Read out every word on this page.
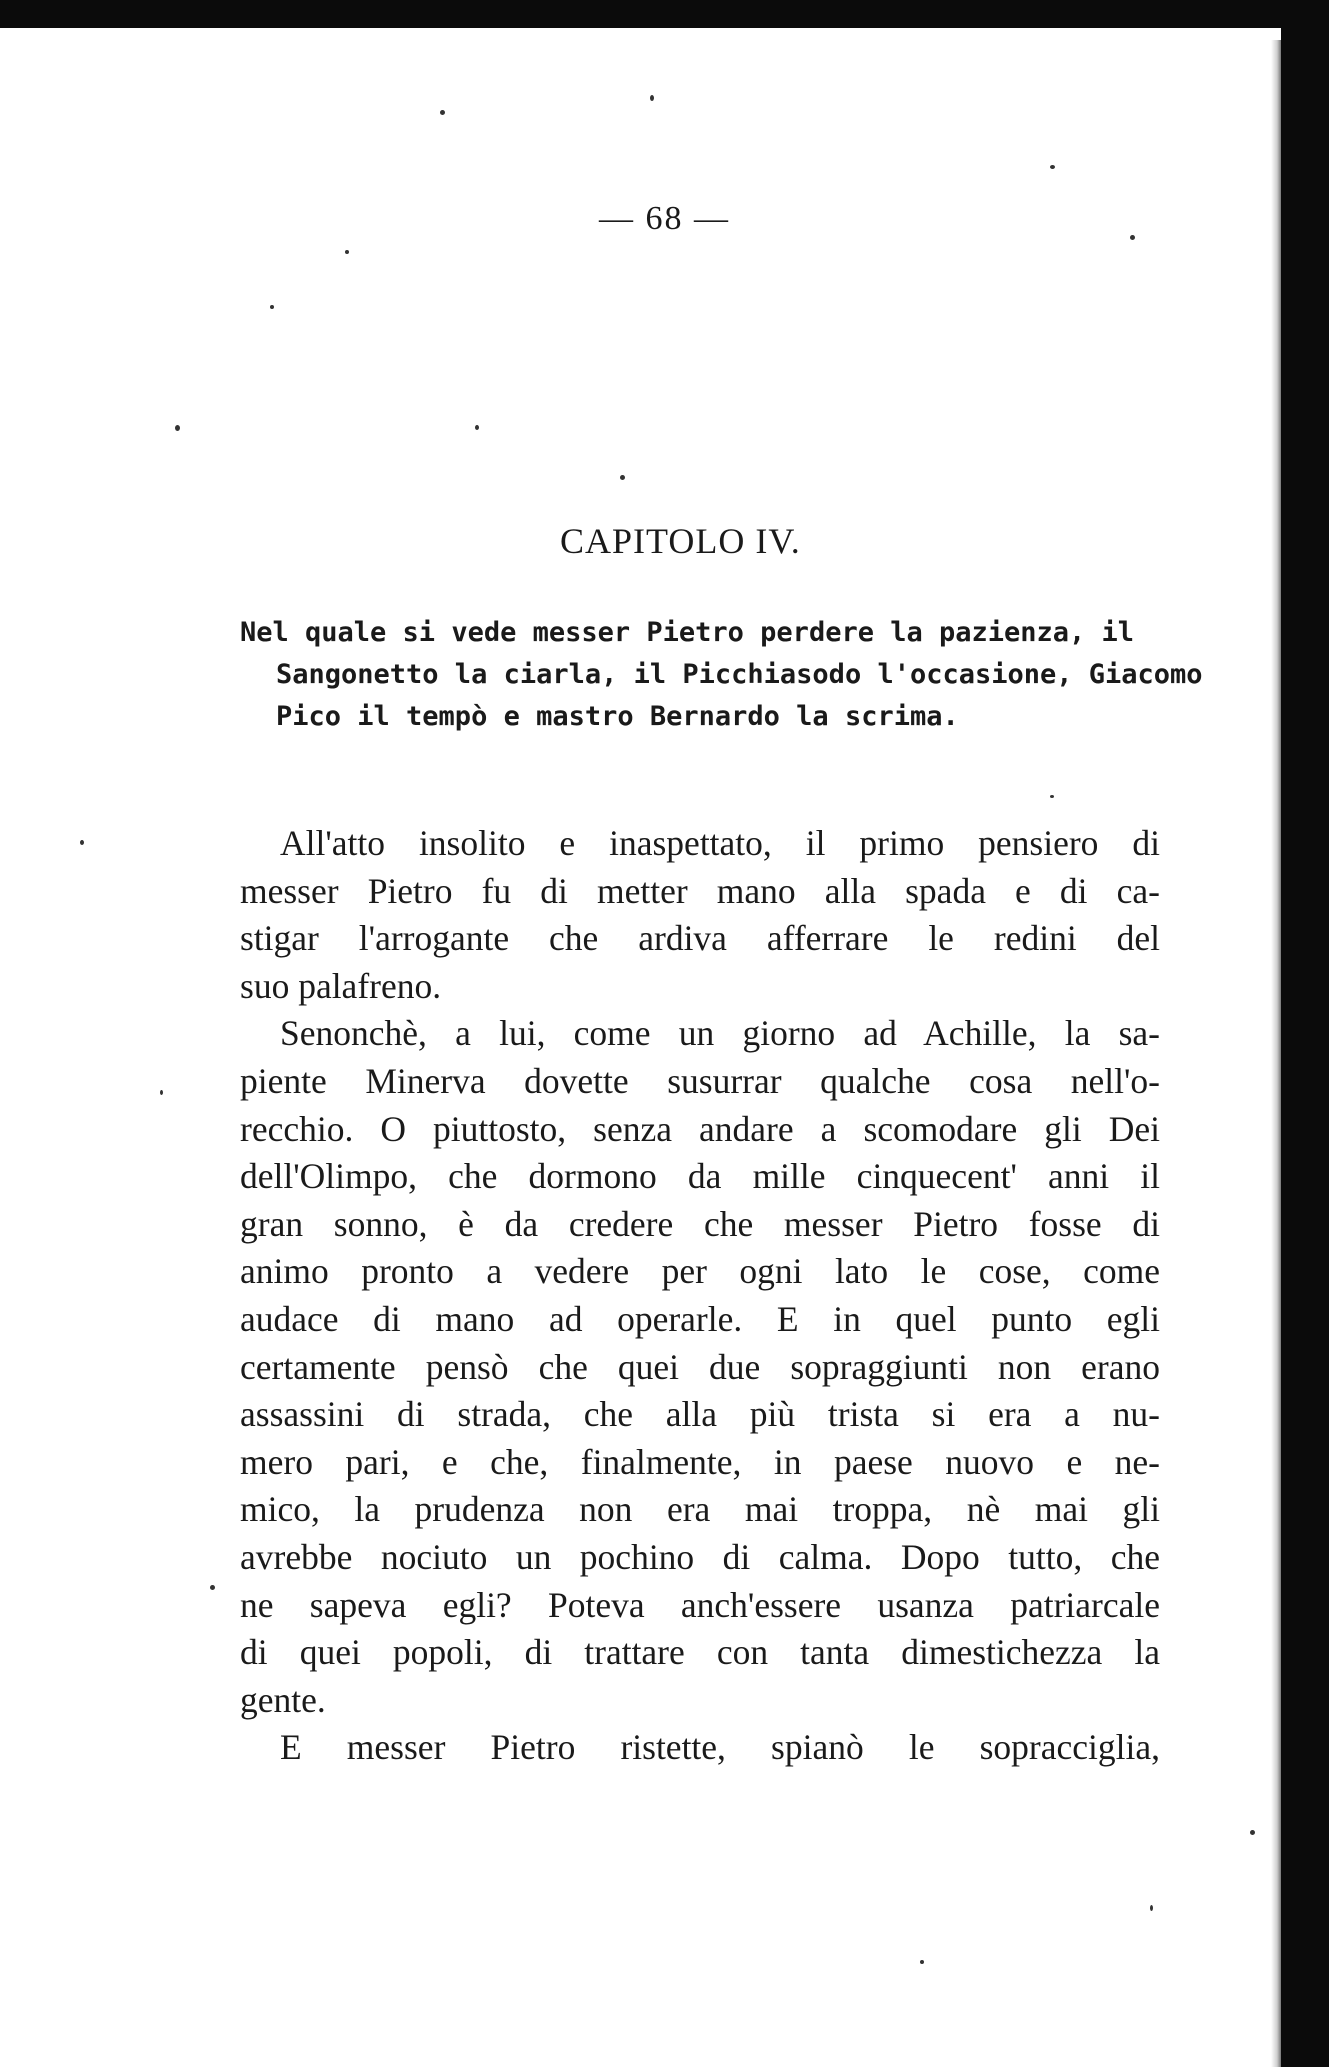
— 68 —
CAPITOLO IV.
Nel quale si vede messer Pietro perdere la pazienza, il
Sangonetto la ciarla, il Picchiasodo l'occasione, Giacomo
Pico il tempò e mastro Bernardo la scrima.
All'atto insolito e inaspettato, il primo pensiero di
messer Pietro fu di metter mano alla spada e di ca-
stigar l'arrogante che ardiva afferrare le redini del
suo palafreno.
Senonchè, a lui, come un giorno ad Achille, la sa-
piente Minerva dovette susurrar qualche cosa nell'o-
recchio. O piuttosto, senza andare a scomodare gli Dei
dell'Olimpo, che dormono da mille cinquecent' anni il
gran sonno, è da credere che messer Pietro fosse di
animo pronto a vedere per ogni lato le cose, come
audace di mano ad operarle. E in quel punto egli
certamente pensò che quei due sopraggiunti non erano
assassini di strada, che alla più trista si era a nu-
mero pari, e che, finalmente, in paese nuovo e ne-
mico, la prudenza non era mai troppa, nè mai gli
avrebbe nociuto un pochino di calma. Dopo tutto, che
ne sapeva egli? Poteva anch'essere usanza patriarcale
di quei popoli, di trattare con tanta dimestichezza la
gente.
E messer Pietro ristette, spianò le sopracciglia,
